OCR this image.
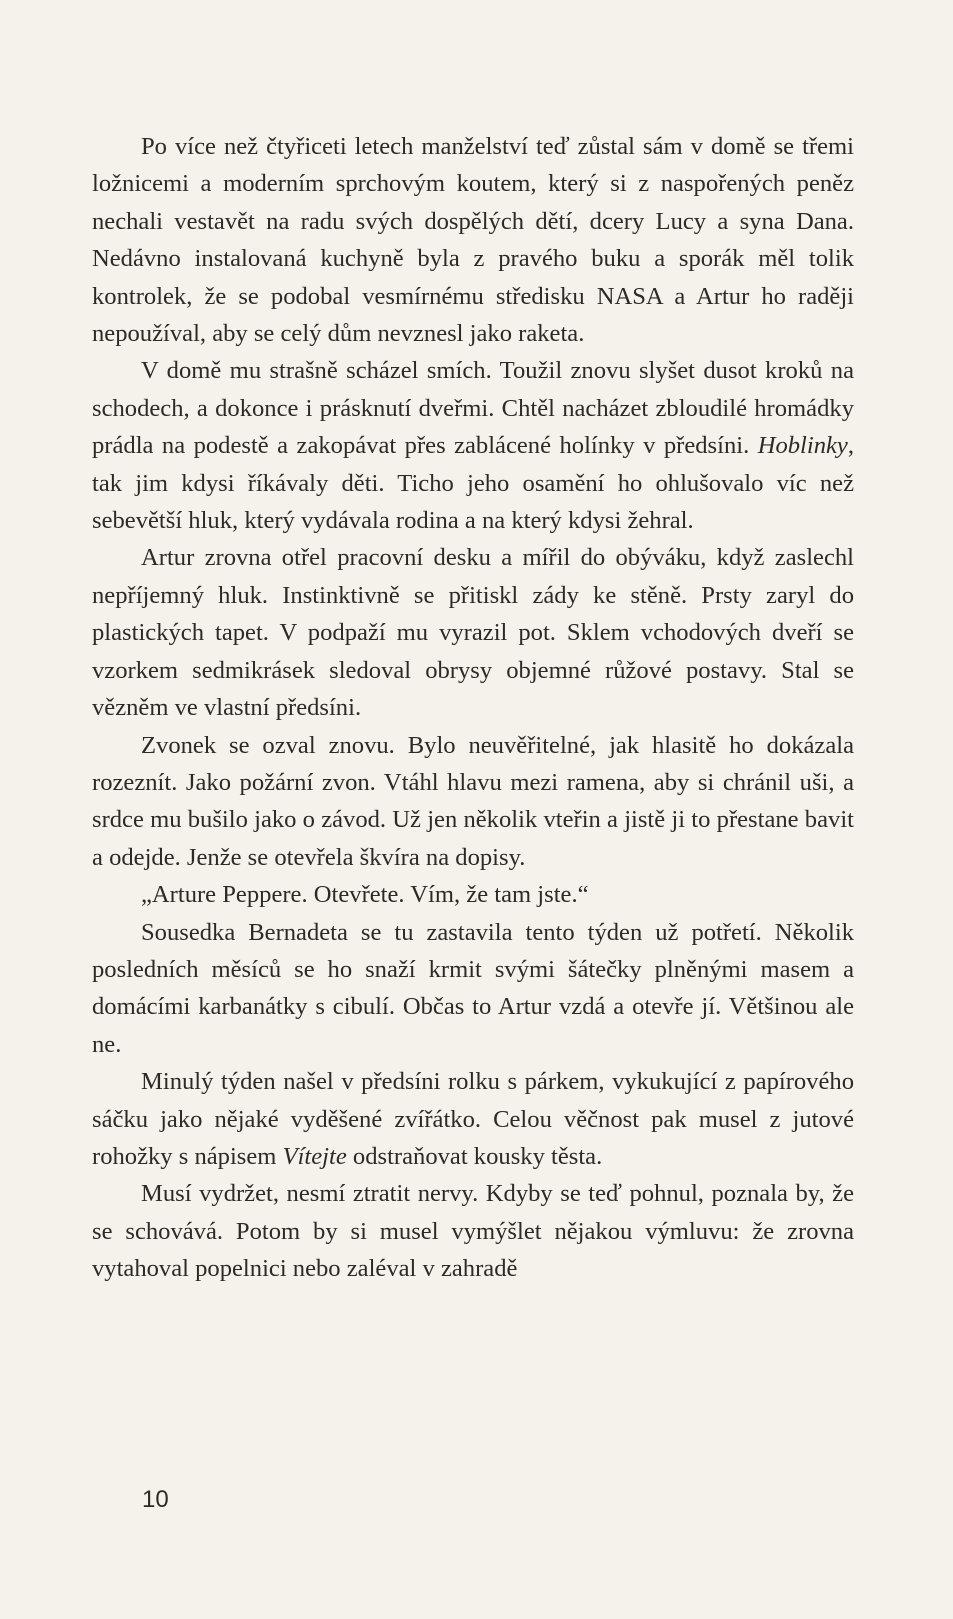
Po více než čtyřiceti letech manželství teď zůstal sám v domě se třemi ložnicemi a moderním sprchovým koutem, který si z naspořených peněz nechali vestavět na radu svých dospělých dětí, dcery Lucy a syna Dana. Nedávno instalovaná kuchyně byla z pravého buku a sporák měl tolik kontrolek, že se podobal vesmírnému středisku NASA a Artur ho raději nepoužíval, aby se celý dům nevznesl jako raketa.

V domě mu strašně scházel smích. Toužil znovu slyšet dusot kroků na schodech, a dokonce i prásknutí dveřmi. Chtěl nacházet zbloudilé hromádky prádla na podestě a zakopávat přes zablácené holínky v předsíni. Hoblinky, tak jim kdysi říkávaly děti. Ticho jeho osamění ho ohlušovalo víc než sebevětší hluk, který vydávala rodina a na který kdysi žehral.

Artur zrovna otřel pracovní desku a mířil do obýváku, když zaslechl nepříjemný hluk. Instinktivně se přitiskl zády ke stěně. Prsty zaryl do plastických tapet. V podpaží mu vyrazil pot. Sklem vchodových dveří se vzorkem sedmikrásek sledoval obrysy objemné růžové postavy. Stal se vězněm ve vlastní předsíni.

Zvonek se ozval znovu. Bylo neuvěřitelné, jak hlasitě ho dokázala rozeznít. Jako požární zvon. Vtáhl hlavu mezi ramena, aby si chránil uši, a srdce mu bušilo jako o závod. Už jen několik vteřin a jistě ji to přestane bavit a odejde. Jenže se otevřela škvíra na dopisy.

„Arture Peppere. Otevřete. Vím, že tam jste.“

Sousedka Bernadeta se tu zastavila tento týden už potřetí. Několik posledních měsíců se ho snaží krmit svými šátečky plněnými masem a domácími karbanátky s cibulí. Občas to Artur vzdá a otevře jí. Většinou ale ne.

Minulý týden našel v předsíni rolku s párkem, vykukující z papírového sáčku jako nějaké vyděšené zvířátko. Celou věčnost pak musel z jutové rohožky s nápisem Vítejte odstraňovat kousky těsta.

Musí vydržet, nesmí ztratit nervy. Kdyby se teď pohnul, poznala by, že se schovává. Potom by si musel vymýšlet nějakou výmluvu: že zrovna vytahoval popelnici nebo zaléval v zahradě

10
